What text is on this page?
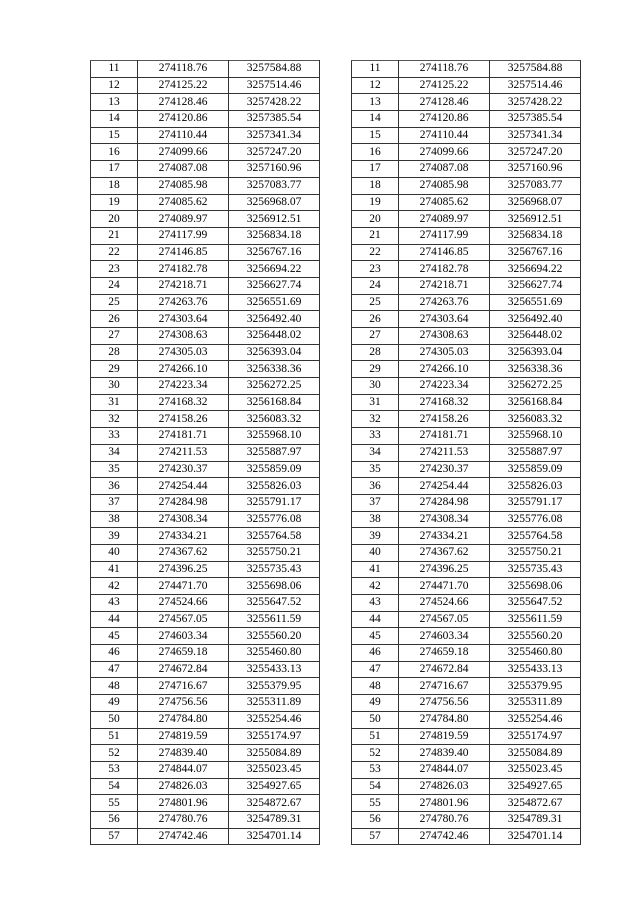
11	274118.76	3257584.88
12	274125.22	3257514.46
13	274128.46	3257428.22
14	274120.86	3257385.54
15	274110.44	3257341.34
16	274099.66	3257247.20
17	274087.08	3257160.96
18	274085.98	3257083.77
19	274085.62	3256968.07
20	274089.97	3256912.51
21	274117.99	3256834.18
22	274146.85	3256767.16
23	274182.78	3256694.22
24	274218.71	3256627.74
25	274263.76	3256551.69
26	274303.64	3256492.40
27	274308.63	3256448.02
28	274305.03	3256393.04
29	274266.10	3256338.36
30	274223.34	3256272.25
31	274168.32	3256168.84
32	274158.26	3256083.32
33	274181.71	3255968.10
34	274211.53	3255887.97
35	274230.37	3255859.09
36	274254.44	3255826.03
37	274284.98	3255791.17
38	274308.34	3255776.08
39	274334.21	3255764.58
40	274367.62	3255750.21
41	274396.25	3255735.43
42	274471.70	3255698.06
43	274524.66	3255647.52
44	274567.05	3255611.59
45	274603.34	3255560.20
46	274659.18	3255460.80
47	274672.84	3255433.13
48	274716.67	3255379.95
49	274756.56	3255311.89
50	274784.80	3255254.46
51	274819.59	3255174.97
52	274839.40	3255084.89
53	274844.07	3255023.45
54	274826.03	3254927.65
55	274801.96	3254872.67
56	274780.76	3254789.31
57	274742.46	3254701.14
11	274118.76	3257584.88
12	274125.22	3257514.46
13	274128.46	3257428.22
14	274120.86	3257385.54
15	274110.44	3257341.34
16	274099.66	3257247.20
17	274087.08	3257160.96
18	274085.98	3257083.77
19	274085.62	3256968.07
20	274089.97	3256912.51
21	274117.99	3256834.18
22	274146.85	3256767.16
23	274182.78	3256694.22
24	274218.71	3256627.74
25	274263.76	3256551.69
26	274303.64	3256492.40
27	274308.63	3256448.02
28	274305.03	3256393.04
29	274266.10	3256338.36
30	274223.34	3256272.25
31	274168.32	3256168.84
32	274158.26	3256083.32
33	274181.71	3255968.10
34	274211.53	3255887.97
35	274230.37	3255859.09
36	274254.44	3255826.03
37	274284.98	3255791.17
38	274308.34	3255776.08
39	274334.21	3255764.58
40	274367.62	3255750.21
41	274396.25	3255735.43
42	274471.70	3255698.06
43	274524.66	3255647.52
44	274567.05	3255611.59
45	274603.34	3255560.20
46	274659.18	3255460.80
47	274672.84	3255433.13
48	274716.67	3255379.95
49	274756.56	3255311.89
50	274784.80	3255254.46
51	274819.59	3255174.97
52	274839.40	3255084.89
53	274844.07	3255023.45
54	274826.03	3254927.65
55	274801.96	3254872.67
56	274780.76	3254789.31
57	274742.46	3254701.14
